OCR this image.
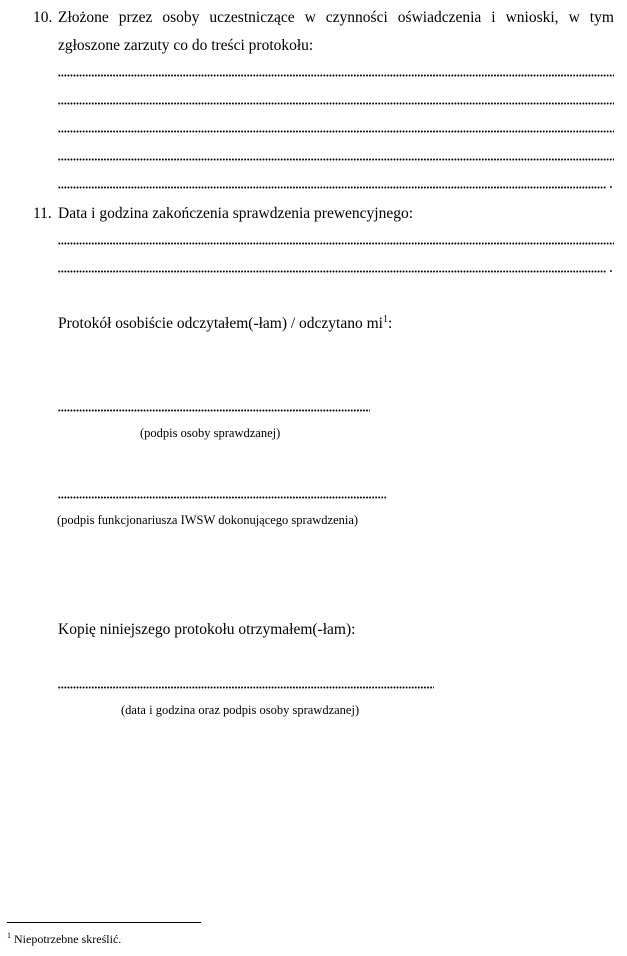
10. Złożone przez osoby uczestniczące w czynności oświadczenia i wnioski, w tym
zgłoszone zarzuty co do treści protokołu:
.
11. Data i godzina zakończenia sprawdzenia prewencyjnego:
.
Protokół osobiście odczytałem(-łam) / odczytano $mi^1$:
(podpis osoby sprawdzanej)
(podpis funkcjonariusza IWSW dokonującego sprawdzenia)
Kopię niniejszego protokołu otrzymałem(-łam):
(data i godzina oraz podpis osoby sprawdzanej)
$^1$ Niepotrzebne skreślić.
